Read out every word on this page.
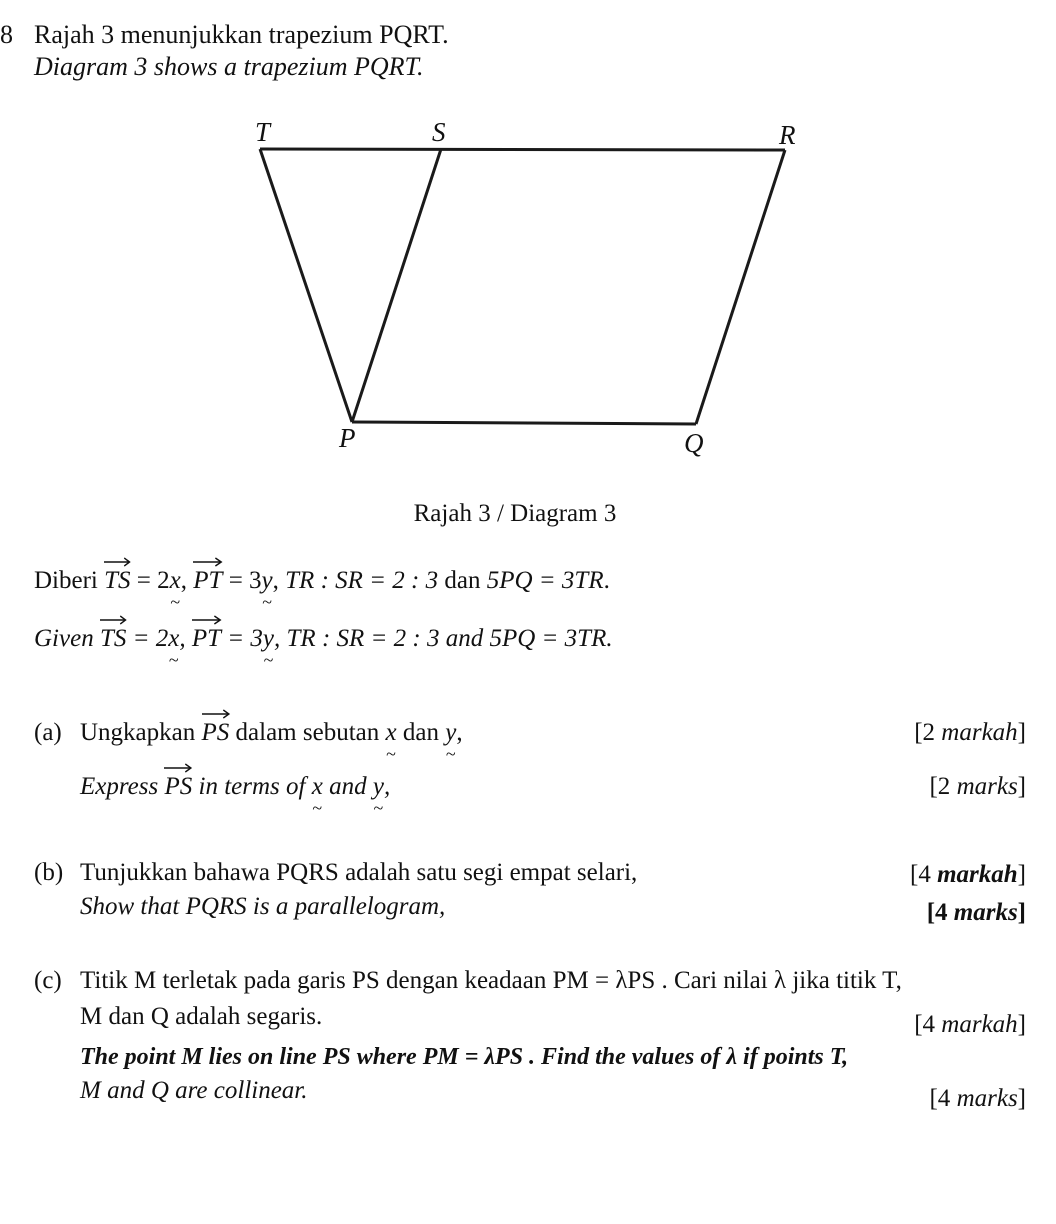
8 Rajah 3 menunjukkan trapezium PQRT.
Diagram 3 shows a trapezium PQRT.
T	S	R
P	Q
Rajah 3 / Diagram 3
Diberi TS = 2x ~, PT = 3y ~, TR : SR = 2 : 3 dan 5PQ = 3TR.
Given TS = 2x ~, PT = 3y ~, TR : SR = 2 : 3 and 5PQ = 3TR.
(a) Ungkapkan PS dalam sebutan x ~ dan y ~,	[2 markah]
Express PS in terms of x ~ and y ~,	[2 marks]
(b) Tunjukkan bahawa PQRS adalah satu segi empat selari,	[4 markah]
Show that PQRS is a parallelogram,	[4 marks]
(c) Titik M terletak pada garis PS dengan keadaan PM = λPS . Cari nilai λ jika titik T,
M dan Q adalah segaris.	[4 markah]
The point M lies on line PS where PM = λPS . Find the values of λ if points T,
M and Q are collinear.	[4 marks]
